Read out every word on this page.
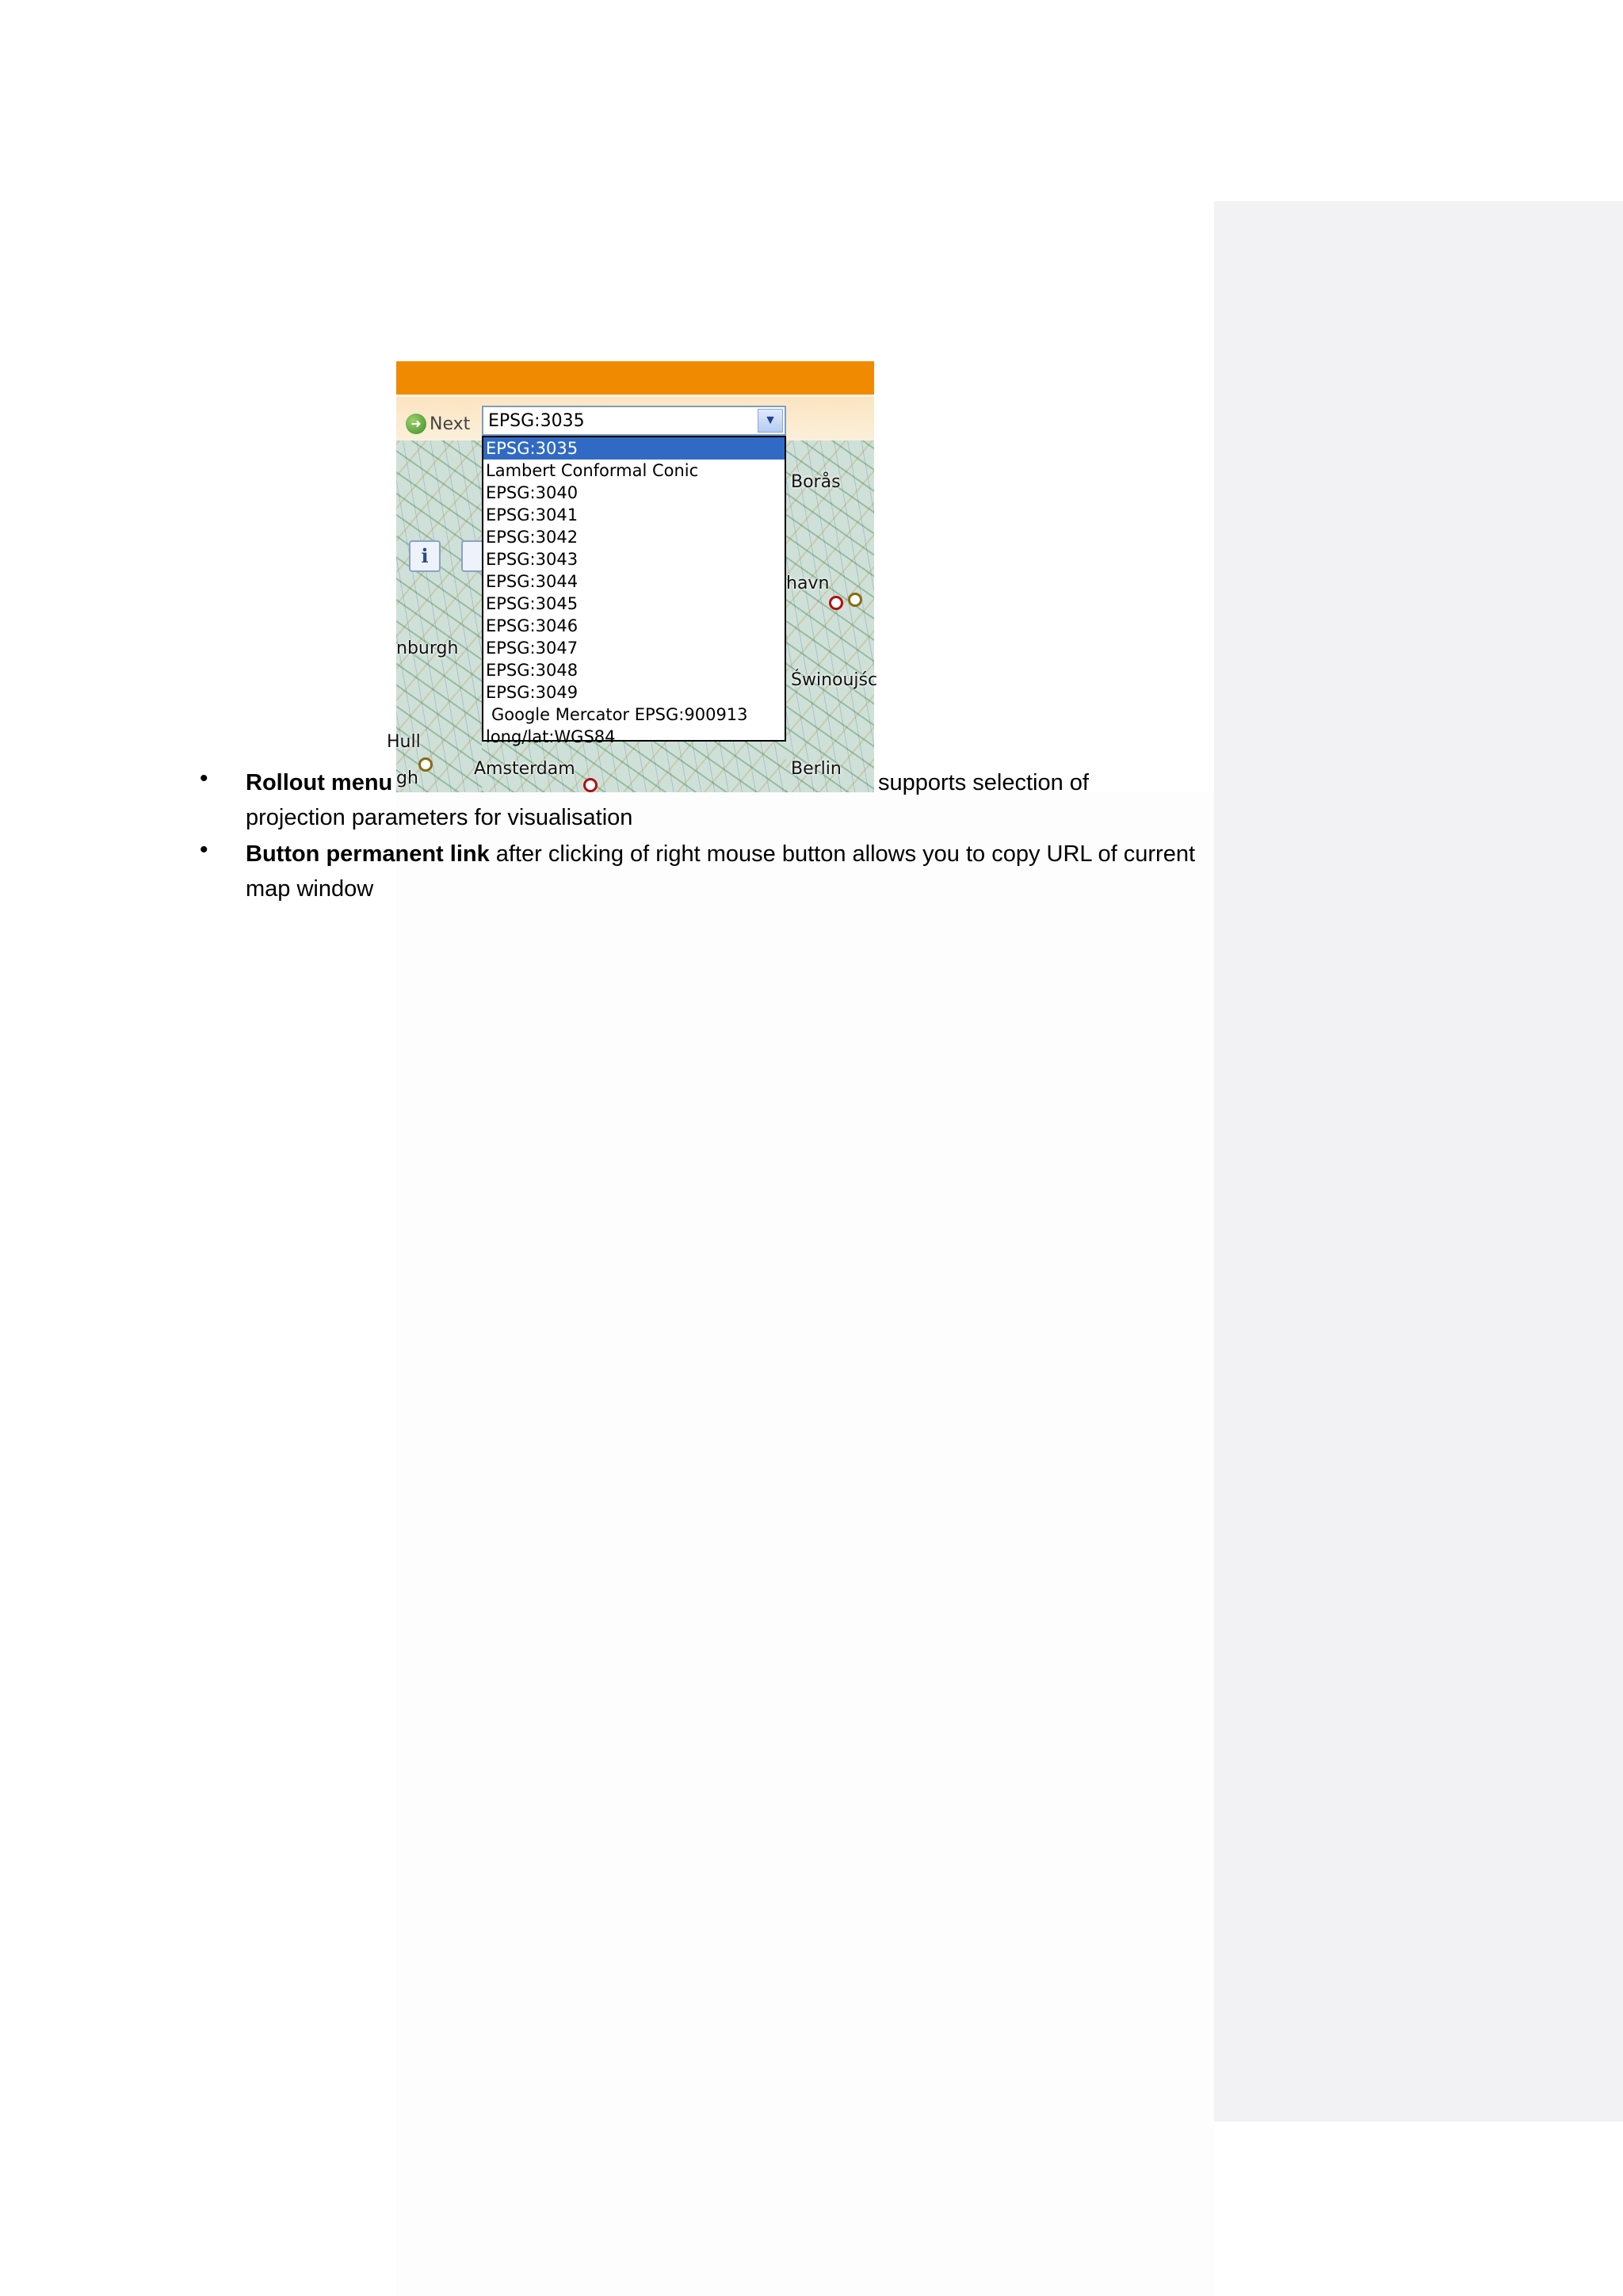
i
nburgh
Hull
gh
Borås
havn
Świnoujśc
Berlin
Amsterdam
➜ Next EPSG:3035	▼
EPSG:3035
Lambert Conformal Conic
EPSG:3040
EPSG:3041
EPSG:3042
EPSG:3043
EPSG:3044
EPSG:3045
EPSG:3046
EPSG:3047
EPSG:3048
EPSG:3049
Google Mercator EPSG:900913
long/lat:WGS84
• Rollout menu	supports selection of
projection parameters for visualisation
• Button permanent link after clicking of right mouse button allows you to copy URL of current
map window
